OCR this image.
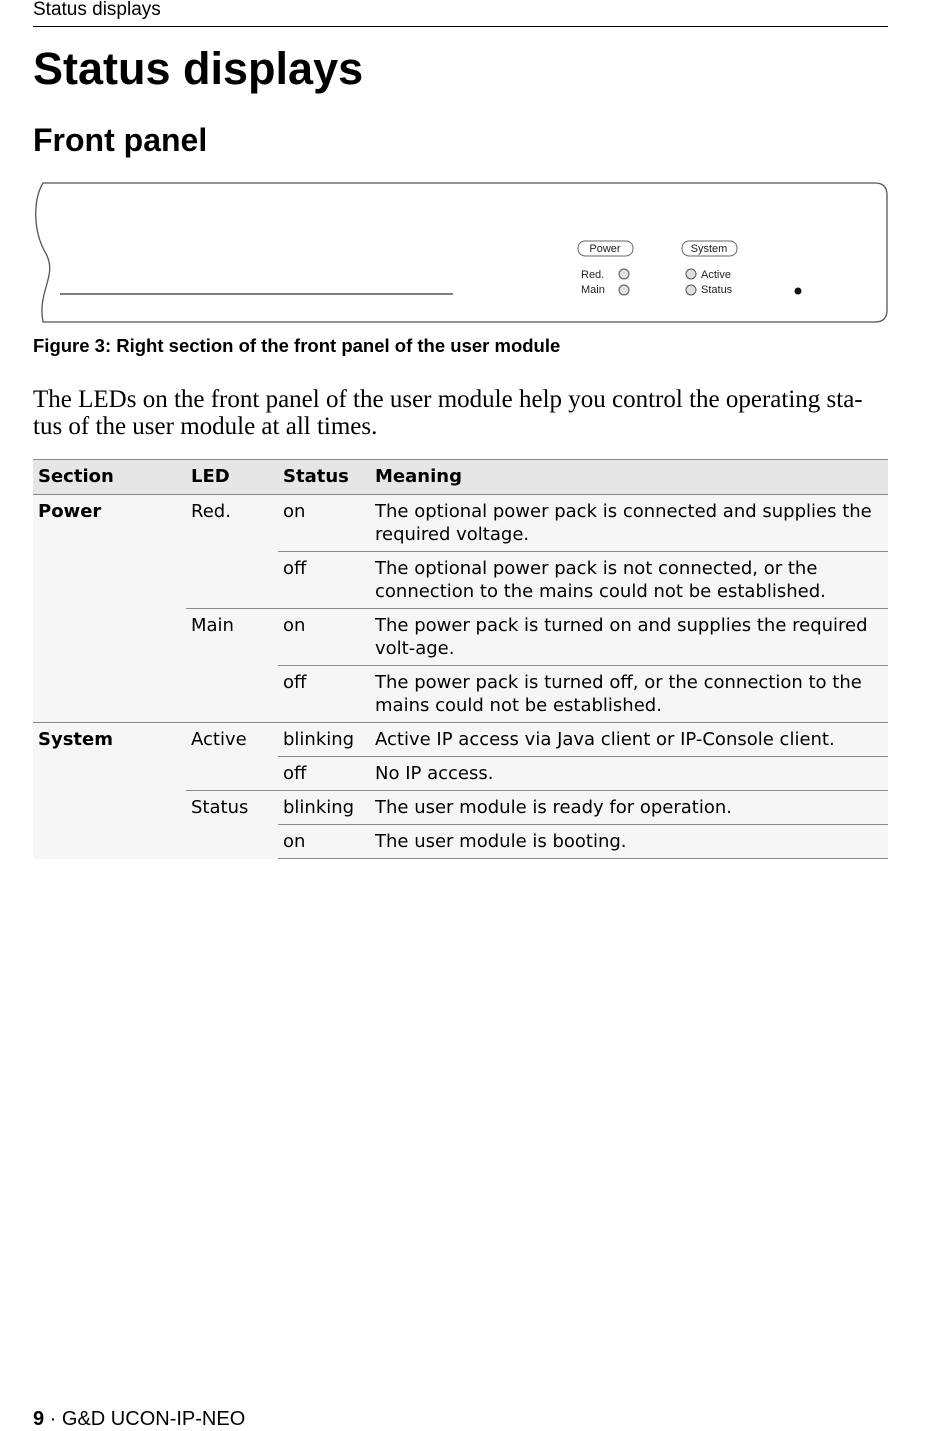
Status displays
Status displays
Front panel
Power	System
Red.
Main
Active
Status
Figure 3: Right section of the front panel of the user module
The LEDs on the front panel of the user module help you control the operating sta-tus of the user module at all times.
Section	LED	Status	Meaning
Power	Red.	on	The optional power pack is connected and supplies the required voltage.
		off	The optional power pack is not connected, or the connection to the mains could not be established.
	Main	on	The power pack is turned on and supplies the required volt-age.
		off	The power pack is turned off, or the connection to the mains could not be established.
System	Active	blinking	Active IP access via Java client or IP-Console client.
		off	No IP access.
	Status	blinking	The user module is ready for operation.
		on	The user module is booting.
9 · G&D UCON-IP-NEO
